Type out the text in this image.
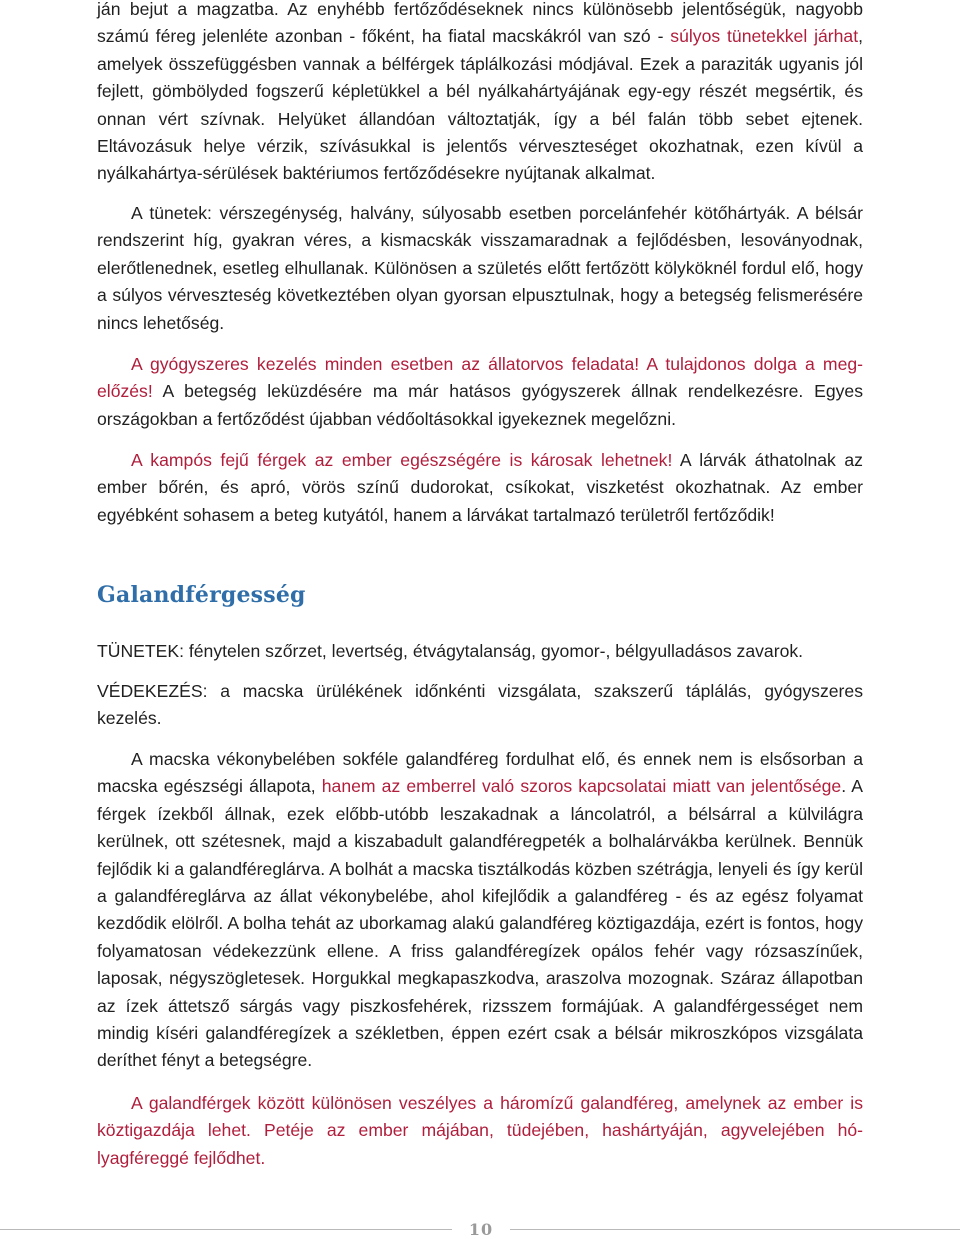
ján bejut a magzatba. Az enyhébb fertőződéseknek nincs különösebb jelentőségük, nagyobb számú féreg jelenléte azonban - főként, ha fiatal macskákról van szó - súlyos tünetekkel járhat, amelyek összefüggésben vannak a bélférgek táplálkozási módjával. Ezek a paraziták ugyanis jól fejlett, gömbölyded fogszerű képletükkel a bél nyálkahártyájának egy-egy részét megsértik, és onnan vért szívnak. Helyüket állandóan változtatják, így a bél falán több sebet ejtenek. Eltávozásuk helye vérzik, szívásukkal is jelentős vérveszteséget okozhatnak, ezen kívül a nyálkahártya-sérülések baktériumos fertőződésekre nyújtanak alkalmat.

A tünetek: vérszegénység, halvány, súlyosabb esetben porcelánfehér kötőhártyák. A bélsár rendszerint híg, gyakran véres, a kismacskák visszamaradnak a fejlődésben, lesoványodnak, elerőtlenednek, esetleg elhullanak. Különösen a születés előtt fertőzött kölyköknél fordul elő, hogy a súlyos vérveszteség következtében olyan gyorsan elpusztulnak, hogy a betegség felismerésére nincs lehetőség.

A gyógyszeres kezelés minden esetben az állatorvos feladata! A tulajdonos dolga a megelőzés! A betegség leküzdésére ma már hatásos gyógyszerek állnak rendelkezésre. Egyes országokban a fertőződést újabban védőoltásokkal igyekeznek megelőzni.

A kampós fejű férgek az ember egészségére is károsak lehetnek! A lárvák áthatolnak az ember bőrén, és apró, vörös színű dudorokat, csíkokat, viszketést okozhatnak. Az ember egyébként sohasem a beteg kutyától, hanem a lárvákat tartalmazó területről fertőződik!

Galandférgesség

TÜNETEK: fénytelen szőrzet, levertség, étvágytalanság, gyomor-, bélgyulladásos zavarok.

VÉDEKEZÉS: a macska ürülékének időnkénti vizsgálata, szakszerű táplálás, gyógyszeres kezelés.

A macska vékonybelében sokféle galandféreg fordulhat elő, és ennek nem is elsősorban a macska egészségi állapota, hanem az emberrel való szoros kapcsolatai miatt van jelentősége. A férgek ízekből állnak, ezek előbb-utóbb leszakadnak a láncolatról, a bélsárral a külvilágra kerülnek, ott szétesnek, majd a kiszabadult galandféregpeték a bolhalárvákba kerülnek. Bennük fejlődik ki a galandféreglárva. A bolhát a macska tisztálkodás közben szétrágja, lenyeli és így kerül a galandféreglárva az állat vékonybelébe, ahol kifejlődik a galandféreg - és az egész folyamat kezdődik elölről. A bolha tehát az uborkamag alakú galandféreg köztigazdája, ezért is fontos, hogy folyamatosan védekezzünk ellene. A friss galandféregízek opálos fehér vagy rózsaszínűek, laposak, négyszögletesek. Horgukkal megkapaszkodva, araszolva mozognak. Száraz állapotban az ízek áttetsző sárgás vagy piszkosfehérek, rizsszem formájúak. A galandférgességet nem mindig kíséri galandféregízek a székletben, éppen ezért csak a bélsár mikroszkópos vizsgálata deríthet fényt a betegségre.

A galandférgek között különösen veszélyes a háromízű galandféreg, amelynek az ember is köztigazdája lehet. Petéje az ember májában, tüdejében, hashártyáján, agyvelejében hólyagféreggé fejlődhet.

10
